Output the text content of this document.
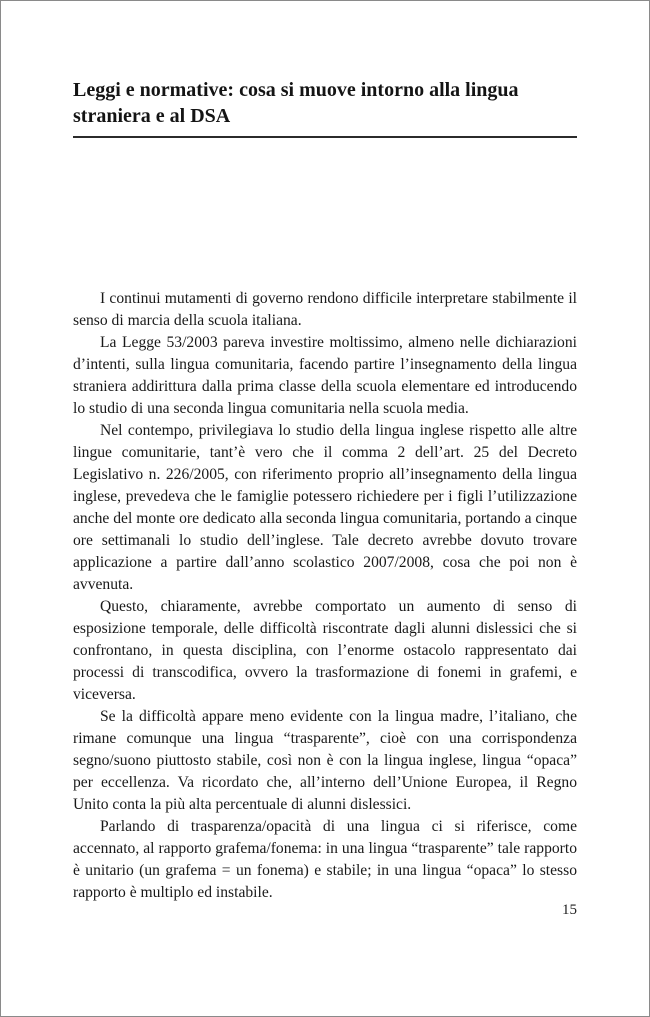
Leggi e normative: cosa si muove intorno alla lingua straniera e al DSA

I continui mutamenti di governo rendono difficile interpretare stabilmente il senso di marcia della scuola italiana.

La Legge 53/2003 pareva investire moltissimo, almeno nelle dichiarazioni d’intenti, sulla lingua comunitaria, facendo partire l’insegnamento della lingua straniera addirittura dalla prima classe della scuola elementare ed introducendo lo studio di una seconda lingua comunitaria nella scuola media.

Nel contempo, privilegiava lo studio della lingua inglese rispetto alle altre lingue comunitarie, tant’è vero che il comma 2 dell’art. 25 del Decreto Legislativo n. 226/2005, con riferimento proprio all’insegnamento della lingua inglese, prevedeva che le famiglie potessero richiedere per i figli l’utilizzazione anche del monte ore dedicato alla seconda lingua comunitaria, portando a cinque ore settimanali lo studio dell’inglese. Tale decreto avrebbe dovuto trovare applicazione a partire dall’anno scolastico 2007/2008, cosa che poi non è avvenuta.

Questo, chiaramente, avrebbe comportato un aumento di senso di esposizione temporale, delle difficoltà riscontrate dagli alunni dislessici che si confrontano, in questa disciplina, con l’enorme ostacolo rappresentato dai processi di transcodifica, ovvero la trasformazione di fonemi in grafemi, e viceversa.

Se la difficoltà appare meno evidente con la lingua madre, l’italiano, che rimane comunque una lingua “trasparente”, cioè con una corrispondenza segno/suono piuttosto stabile, così non è con la lingua inglese, lingua “opaca” per eccellenza. Va ricordato che, all’interno dell’Unione Europea, il Regno Unito conta la più alta percentuale di alunni dislessici.

Parlando di trasparenza/opacità di una lingua ci si riferisce, come accennato, al rapporto grafema/fonema: in una lingua “trasparente” tale rapporto è unitario (un grafema = un fonema) e stabile; in una lingua “opaca” lo stesso rapporto è multiplo ed instabile.

15
